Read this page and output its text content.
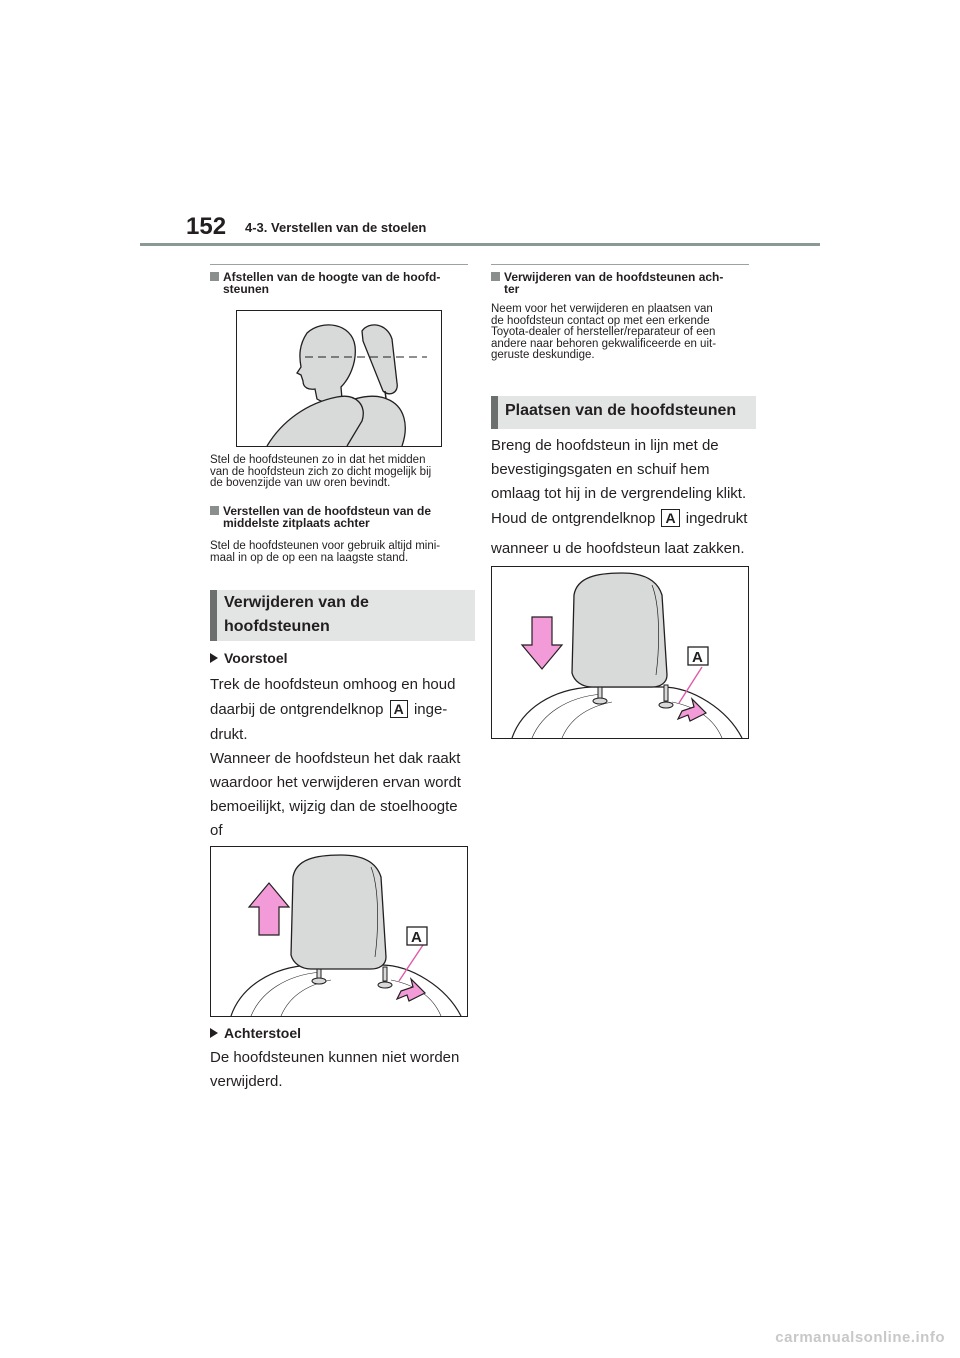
152 4-3. Verstellen van de stoelen
Afstellen van de hoogte van de hoofd-
steunen
Stel de hoofdsteunen zo in dat het midden
van de hoofdsteun zich zo dicht mogelijk bij
de bovenzijde van uw oren bevindt.
Verstellen van de hoofdsteun van de
middelste zitplaats achter
Stel de hoofdsteunen voor gebruik altijd mini-
maal in op de op een na laagste stand.
Verwijderen van de
hoofdsteunen
Voorstoel
Trek de hoofdsteun omhoog en houd
daarbij de ontgrendelknop A inge-
drukt.
Wanneer de hoofdsteun het dak raakt
waardoor het verwijderen ervan wordt
bemoeilijkt, wijzig dan de stoelhoogte of

A
Achterstoel
De hoofdsteunen kunnen niet worden
verwijderd.
Verwijderen van de hoofdsteunen ach-
ter
Neem voor het verwijderen en plaatsen van
de hoofdsteun contact op met een erkende
Toyota-dealer of hersteller/reparateur of een
andere naar behoren gekwalificeerde en uit-
geruste deskundige.
Plaatsen van de hoofdsteunen
Breng de hoofdsteun in lijn met de
bevestigingsgaten en schuif hem
omlaag tot hij in de vergrendeling klikt.
Houd de ontgrendelknop A ingedrukt
wanneer u de hoofdsteun laat zakken.
A
carmanualsonline.info
